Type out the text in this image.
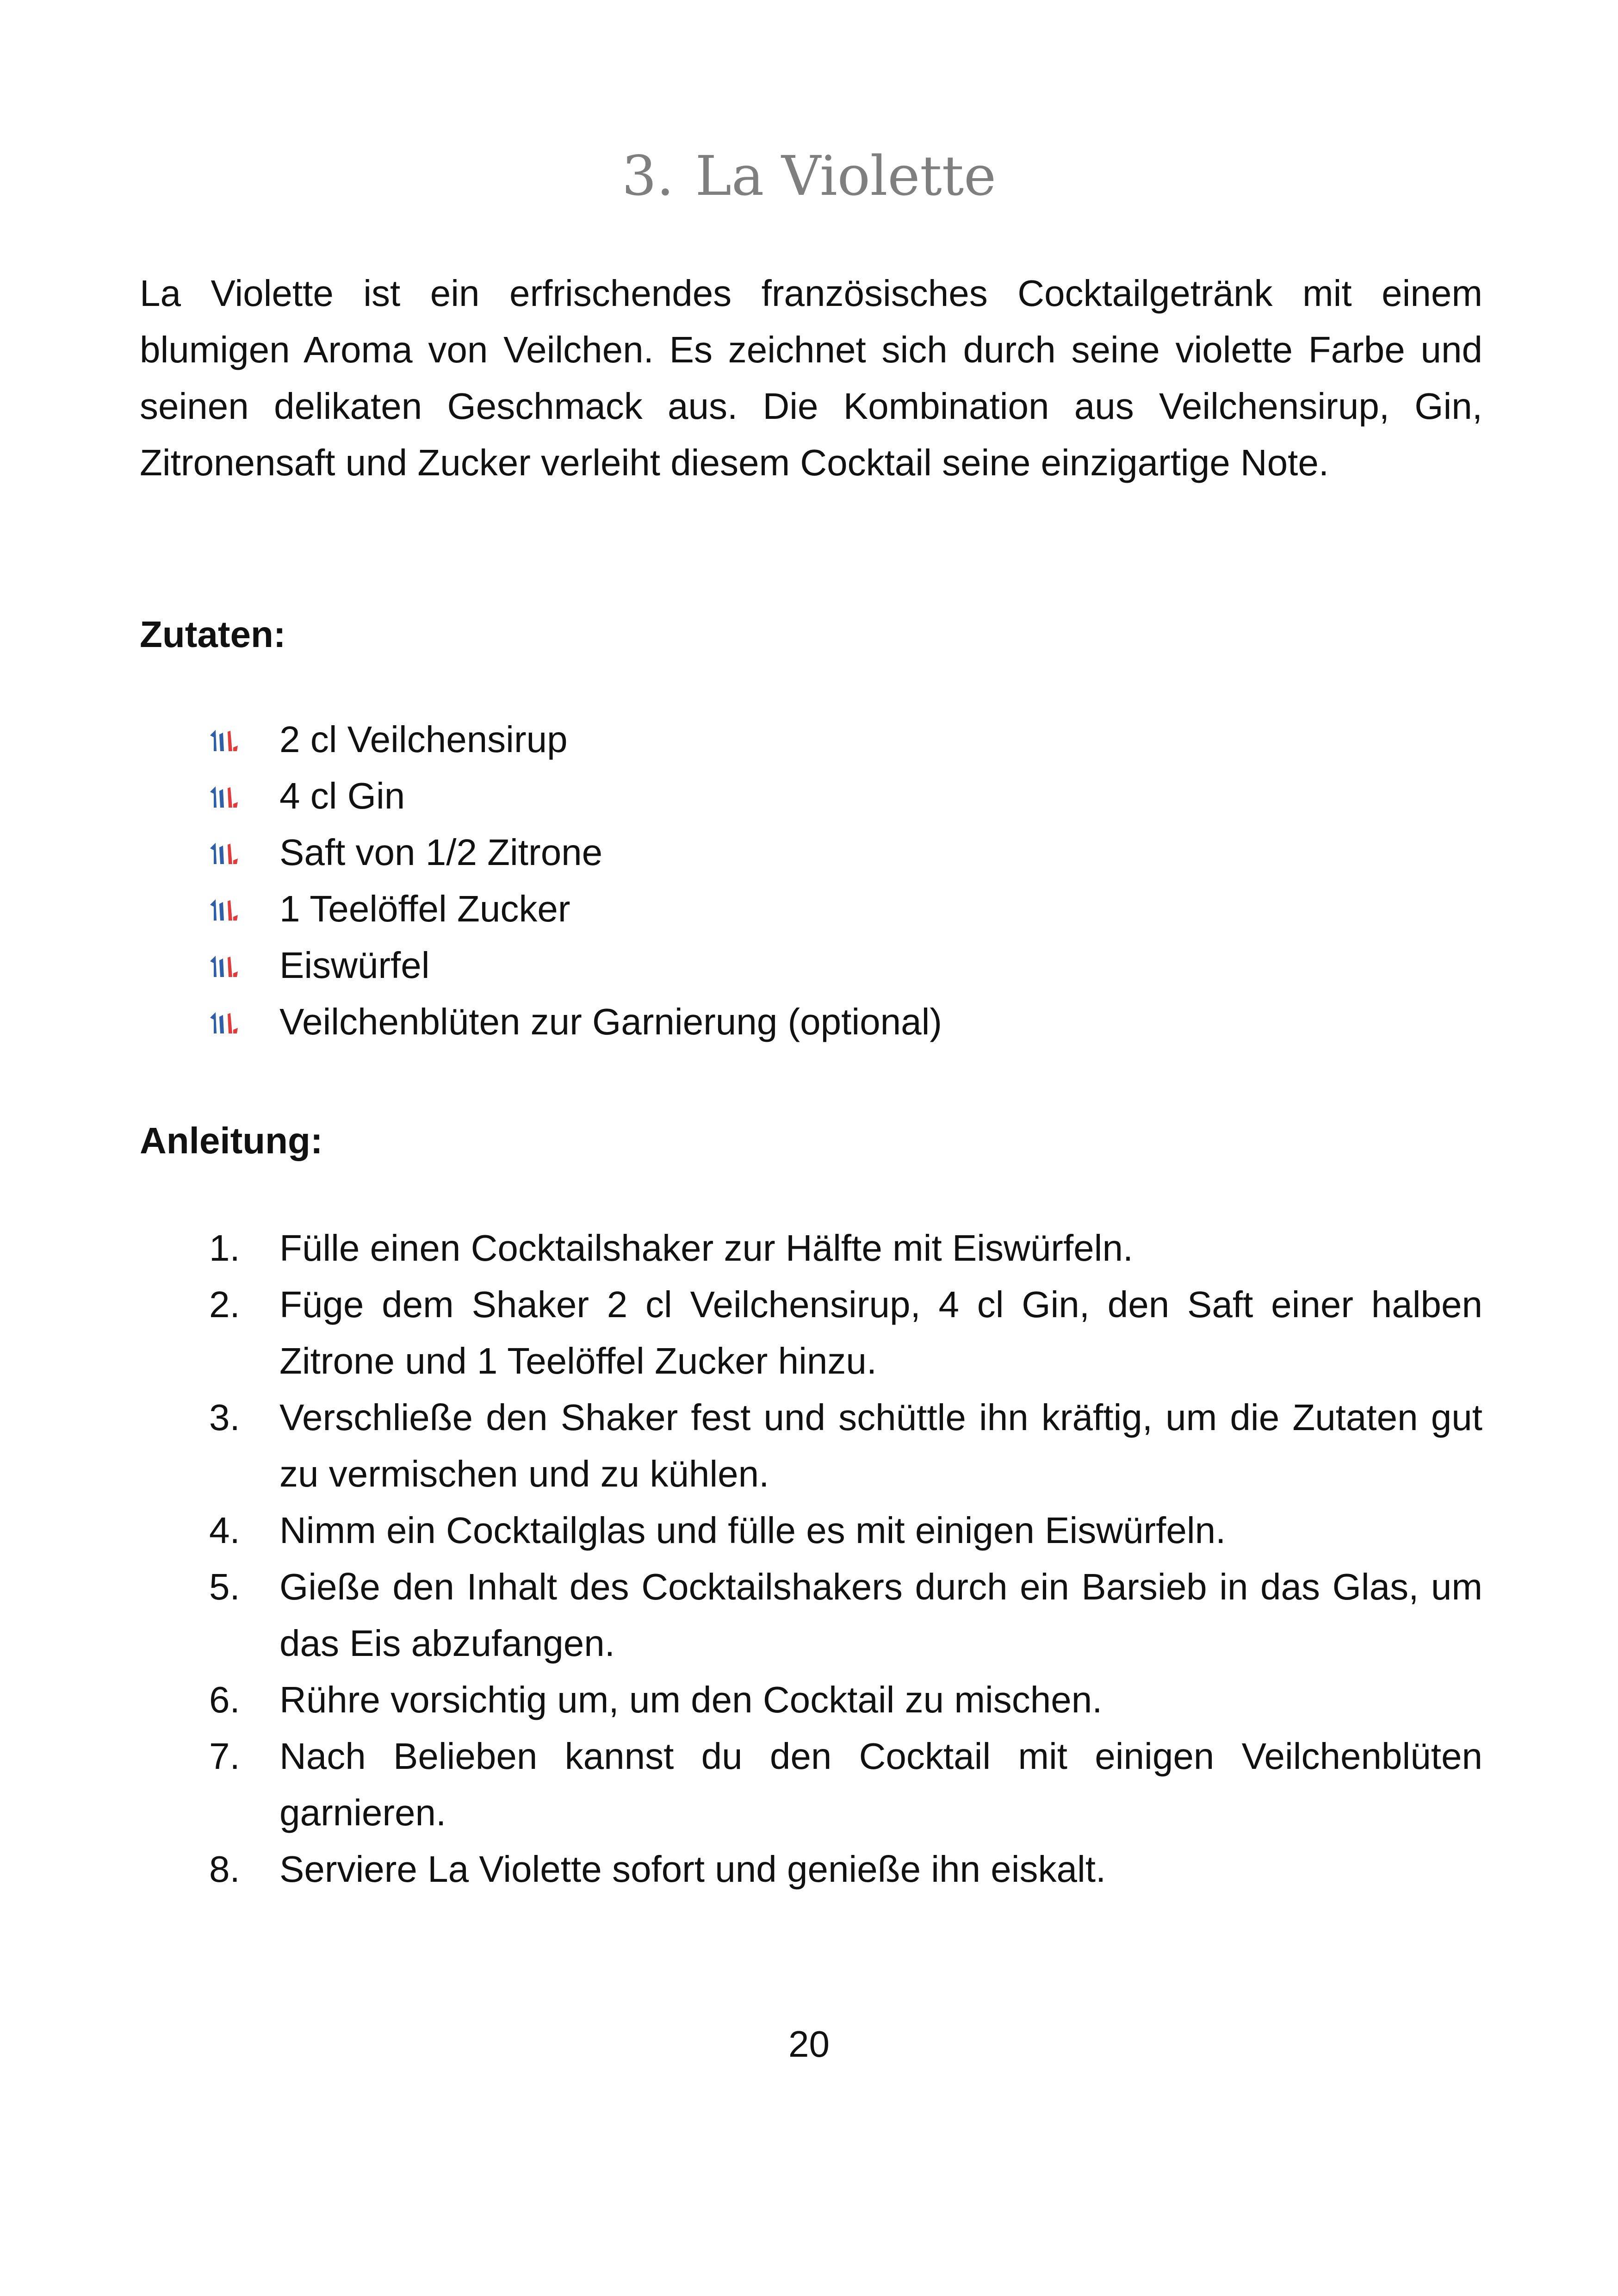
3. La Violette

La Violette ist ein erfrischendes französisches Cocktailgetränk mit einem blumigen Aroma von Veilchen. Es zeichnet sich durch seine violette Farbe und seinen delikaten Geschmack aus. Die Kombination aus Veilchensirup, Gin, Zitronensaft und Zucker verleiht diesem Cocktail seine einzigartige Note.

Zutaten:
2 cl Veilchensirup
4 cl Gin
Saft von 1/2 Zitrone
1 Teelöffel Zucker
Eiswürfel
Veilchenblüten zur Garnierung (optional)
Anleitung:
1.	Fülle einen Cocktailshaker zur Hälfte mit Eiswürfeln.
2.	Füge dem Shaker 2 cl Veilchensirup, 4 cl Gin, den Saft einer halben Zitrone und 1 Teelöffel Zucker hinzu.
3.	Verschließe den Shaker fest und schüttle ihn kräftig, um die Zutaten gut zu vermischen und zu kühlen.
4.	Nimm ein Cocktailglas und fülle es mit einigen Eiswürfeln.
5.	Gieße den Inhalt des Cocktailshakers durch ein Barsieb in das Glas, um das Eis abzufangen.
6.	Rühre vorsichtig um, um den Cocktail zu mischen.
7.	Nach Belieben kannst du den Cocktail mit einigen Veilchenblüten garnieren.
8.	Serviere La Violette sofort und genieße ihn eiskalt.
20
